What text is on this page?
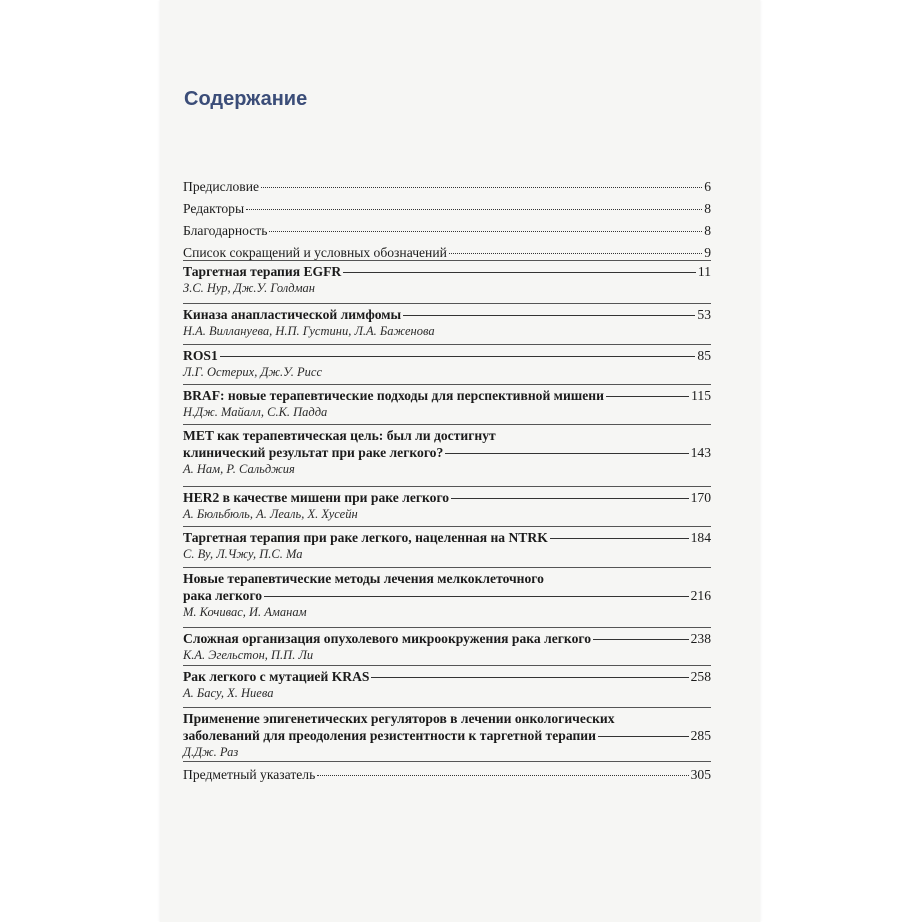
Содержание
Предисловие	6
Редакторы	8
Благодарность	8
Список сокращений и условных обозначений	9
Таргетная терапия EGFR	11
З.С. Нур, Дж.У. Голдман
Киназа анапластической лимфомы	53
Н.А. Виллануева, Н.П. Густини, Л.А. Баженова
ROS1	85
Л.Г. Остерих, Дж.У. Рисс
BRAF: новые терапевтические подходы для перспективной мишени	115
Н.Дж. Майалл, С.К. Падда
MET как терапевтическая цель: был ли достигнут
клинический результат при раке легкого?	143
А. Нам, Р. Сальджия
HER2 в качестве мишени при раке легкого	170
А. Бюльбюль, А. Леаль, Х. Хусейн
Таргетная терапия при раке легкого, нацеленная на NTRK	184
С. Ву, Л.Чжу, П.С. Ма
Новые терапевтические методы лечения мелкоклеточного
рака легкого	216
М. Кочивас, И. Аманам
Сложная организация опухолевого микроокружения рака легкого	238
К.А. Эгельстон, П.П. Ли
Рак легкого с мутацией KRAS	258
А. Басу, Х. Ниева
Применение эпигенетических регуляторов в лечении онкологических
заболеваний для преодоления резистентности к таргетной терапии	285
Д.Дж. Раз
Предметный указатель	305
